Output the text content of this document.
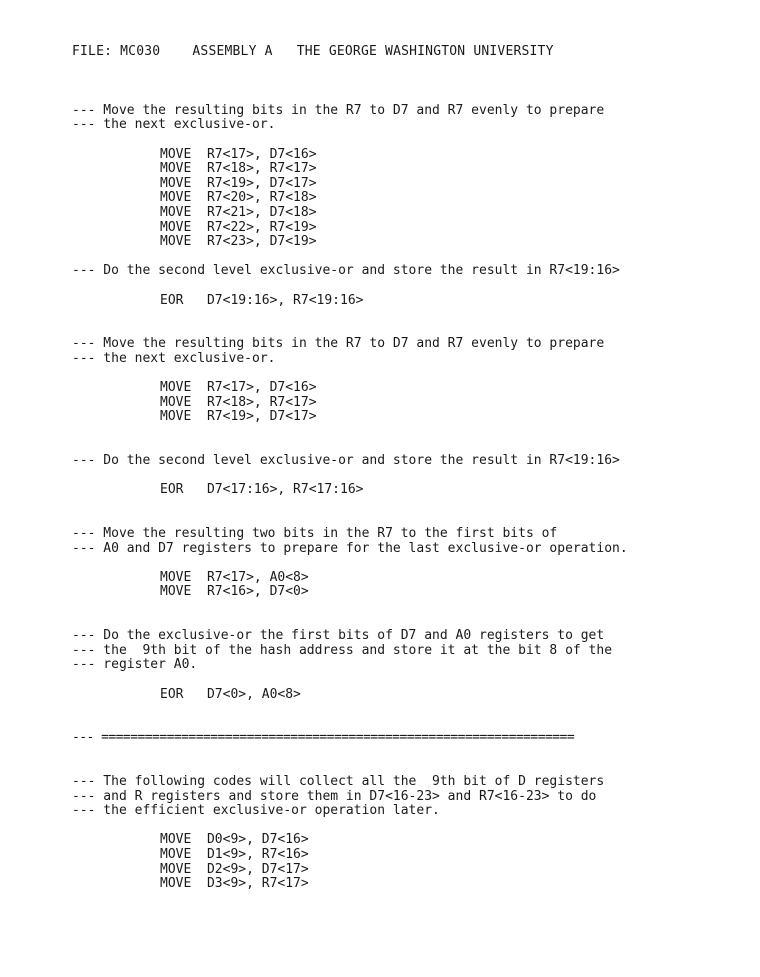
FILE: MC030    ASSEMBLY A   THE GEORGE WASHINGTON UNIVERSITY
--- Move the resulting bits in the R7 to D7 and R7 evenly to prepare
--- the next exclusive-or.
MOVE  R7<17>, D7<16>
MOVE  R7<18>, R7<17>
MOVE  R7<19>, D7<17>
MOVE  R7<20>, R7<18>
MOVE  R7<21>, D7<18>
MOVE  R7<22>, R7<19>
MOVE  R7<23>, D7<19>
--- Do the second level exclusive-or and store the result in R7<19:16>
EOR   D7<19:16>, R7<19:16>
--- Move the resulting bits in the R7 to D7 and R7 evenly to prepare
--- the next exclusive-or.
MOVE  R7<17>, D7<16>
MOVE  R7<18>, R7<17>
MOVE  R7<19>, D7<17>
--- Do the second level exclusive-or and store the result in R7<19:16>
EOR   D7<17:16>, R7<17:16>
--- Move the resulting two bits in the R7 to the first bits of
--- A0 and D7 registers to prepare for the last exclusive-or operation.
MOVE  R7<17>, A0<8>
MOVE  R7<16>, D7<0>
--- Do the exclusive-or the first bits of D7 and A0 registers to get
--- the  9th bit of the hash address and store it at the bit 8 of the
--- register A0.
EOR   D7<0>, A0<8>
--- =================================================================
--- The following codes will collect all the  9th bit of D registers
--- and R registers and store them in D7<16-23> and R7<16-23> to do
--- the efficient exclusive-or operation later.
MOVE  D0<9>, D7<16>
MOVE  D1<9>, R7<16>
MOVE  D2<9>, D7<17>
MOVE  D3<9>, R7<17>
